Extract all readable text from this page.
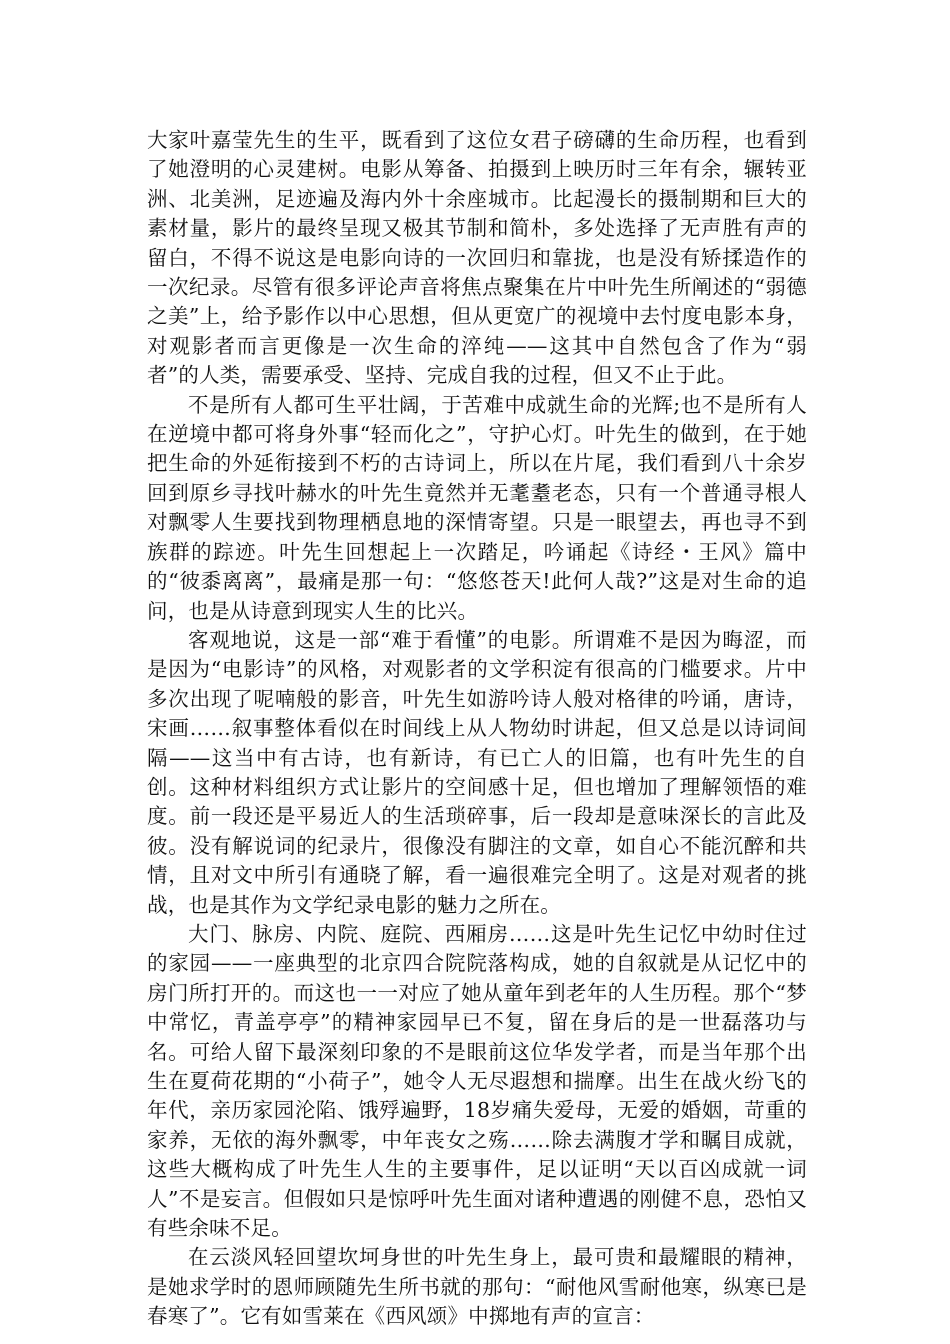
大家叶嘉莹先生的生平，既看到了这位女君子磅礴的生命历程，也看到了她澄明的心灵建树。电影从筹备、拍摄到上映历时三年有余，辗转亚洲、北美洲，足迹遍及海内外十余座城市。比起漫长的摄制期和巨大的素材量，影片的最终呈现又极其节制和简朴，多处选择了无声胜有声的留白，不得不说这是电影向诗的一次回归和靠拢，也是没有矫揉造作的一次纪录。尽管有很多评论声音将焦点聚集在片中叶先生所阐述的“弱德之美”上，给予影作以中心思想，但从更宽广的视境中去忖度电影本身，对观影者而言更像是一次生命的淬纯——这其中自然包含了作为“弱者”的人类，需要承受、坚持、完成自我的过程，但又不止于此。

不是所有人都可生平壮阔，于苦难中成就生命的光辉;也不是所有人在逆境中都可将身外事“轻而化之”，守护心灯。叶先生的做到，在于她把生命的外延衔接到不朽的古诗词上，所以在片尾，我们看到八十余岁回到原乡寻找叶赫水的叶先生竟然并无耄耋老态，只有一个普通寻根人对飘零人生要找到物理栖息地的深情寄望。只是一眼望去，再也寻不到族群的踪迹。叶先生回想起上一次踏足，吟诵起《诗经・王风》篇中的“彼黍离离”，最痛是那一句：“悠悠苍天!此何人哉?”这是对生命的追问，也是从诗意到现实人生的比兴。

客观地说，这是一部“难于看懂”的电影。所谓难不是因为晦涩，而是因为“电影诗”的风格，对观影者的文学积淀有很高的门槛要求。片中多次出现了呢喃般的影音，叶先生如游吟诗人般对格律的吟诵，唐诗，宋画……叙事整体看似在时间线上从人物幼时讲起，但又总是以诗词间隔——这当中有古诗，也有新诗，有已亡人的旧篇，也有叶先生的自创。这种材料组织方式让影片的空间感十足，但也增加了理解领悟的难度。前一段还是平易近人的生活琐碎事，后一段却是意味深长的言此及彼。没有解说词的纪录片，很像没有脚注的文章，如自心不能沉醉和共情，且对文中所引有通晓了解，看一遍很难完全明了。这是对观者的挑战，也是其作为文学纪录电影的魅力之所在。

大门、脉房、内院、庭院、西厢房……这是叶先生记忆中幼时住过的家园——一座典型的北京四合院院落构成，她的自叙就是从记忆中的房门所打开的。而这也一一对应了她从童年到老年的人生历程。那个“梦中常忆，青盖亭亭”的精神家园早已不复，留在身后的是一世磊落功与名。可给人留下最深刻印象的不是眼前这位华发学者，而是当年那个出生在夏荷花期的“小荷子”，她令人无尽遐想和揣摩。出生在战火纷飞的年代，亲历家园沦陷、饿殍遍野，18岁痛失爱母，无爱的婚姻，苛重的家养，无依的海外飘零，中年丧女之殇……除去满腹才学和瞩目成就，这些大概构成了叶先生人生的主要事件，足以证明“天以百凶成就一词人”不是妄言。但假如只是惊呼叶先生面对诸种遭遇的刚健不息，恐怕又有些余味不足。

在云淡风轻回望坎坷身世的叶先生身上，最可贵和最耀眼的精神，是她求学时的恩师顾随先生所书就的那句：“耐他风雪耐他寒，纵寒已是春寒了”。它有如雪莱在《西风颂》中掷地有声的宣言：
